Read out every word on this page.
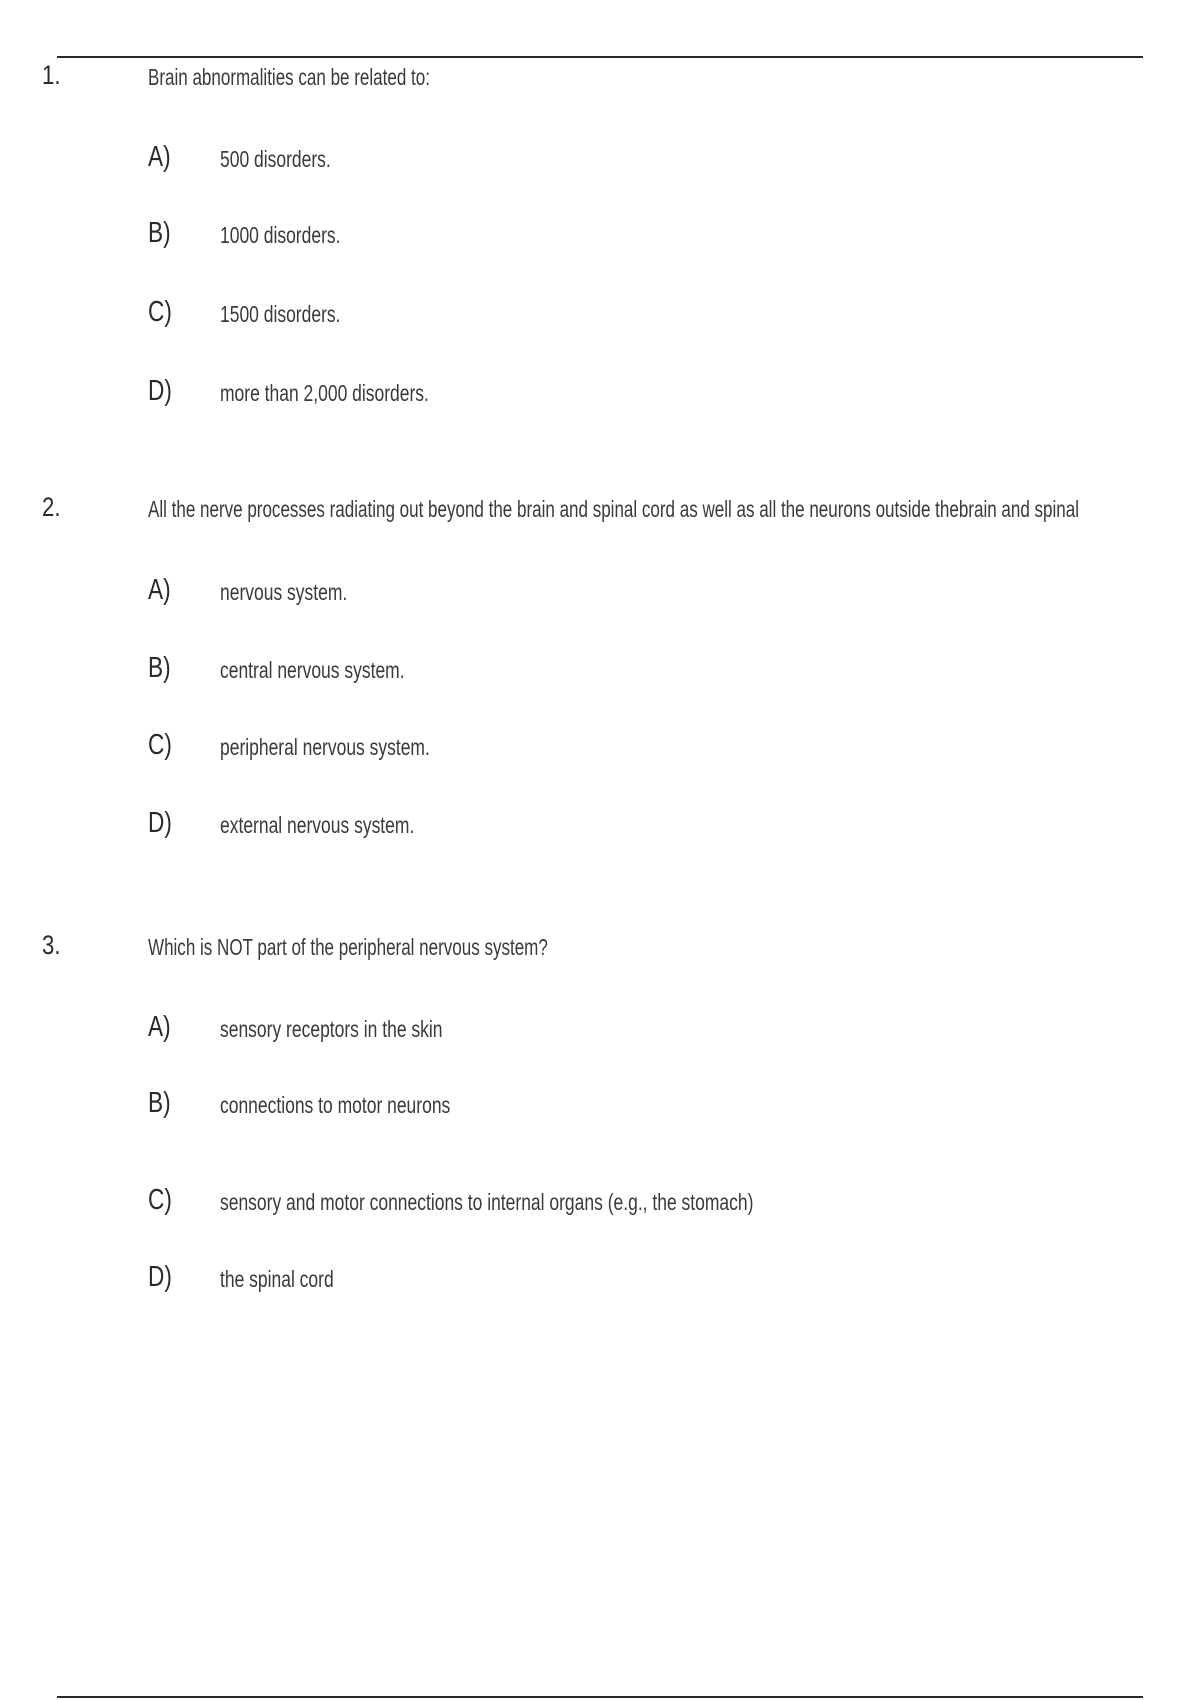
1.	Brain abnormalities can be related to:
A) 500 disorders.
B) 1000 disorders.
C) 1500 disorders.
D) more than 2,000 disorders.
2.	All the nerve processes radiating out beyond the brain and spinal cord as well as all the neurons outside thebrain and spinal
A) nervous system.
B) central nervous system.
C) peripheral nervous system.
D) external nervous system.
3.	Which is NOT part of the peripheral nervous system?
A) sensory receptors in the skin
B) connections to motor neurons
C) sensory and motor connections to internal organs (e.g., the stomach)
D) the spinal cord
